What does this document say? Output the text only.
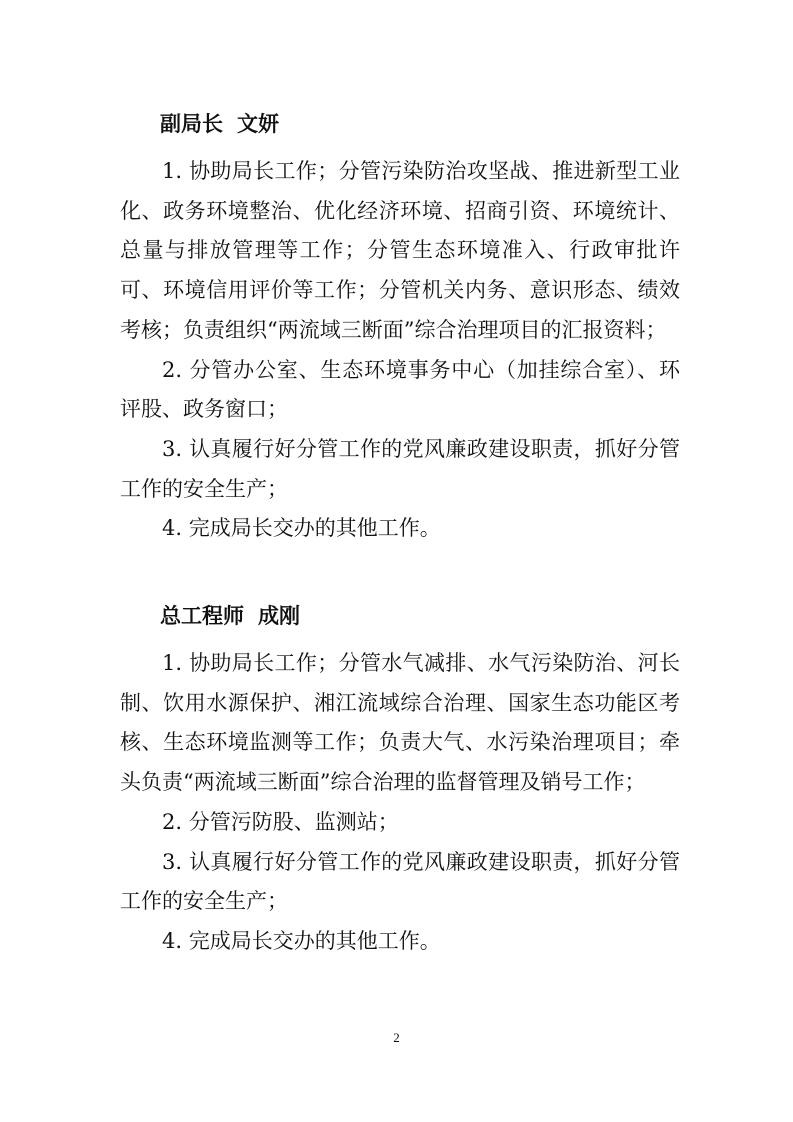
副局长 文妍

1. 协助局长工作；分管污染防治攻坚战、推进新型工业化、政务环境整治、优化经济环境、招商引资、环境统计、总量与排放管理等工作；分管生态环境准入、行政审批许可、环境信用评价等工作；分管机关内务、意识形态、绩效考核；负责组织“两流域三断面”综合治理项目的汇报资料；

2. 分管办公室、生态环境事务中心（加挂综合室）、环评股、政务窗口；

3. 认真履行好分管工作的党风廉政建设职责，抓好分管工作的安全生产；

4. 完成局长交办的其他工作。

总工程师 成刚

1. 协助局长工作；分管水气减排、水气污染防治、河长制、饮用水源保护、湘江流域综合治理、国家生态功能区考核、生态环境监测等工作；负责大气、水污染治理项目；牵头负责“两流域三断面”综合治理的监督管理及销号工作；

2. 分管污防股、监测站；

3. 认真履行好分管工作的党风廉政建设职责，抓好分管工作的安全生产；

4. 完成局长交办的其他工作。

2
